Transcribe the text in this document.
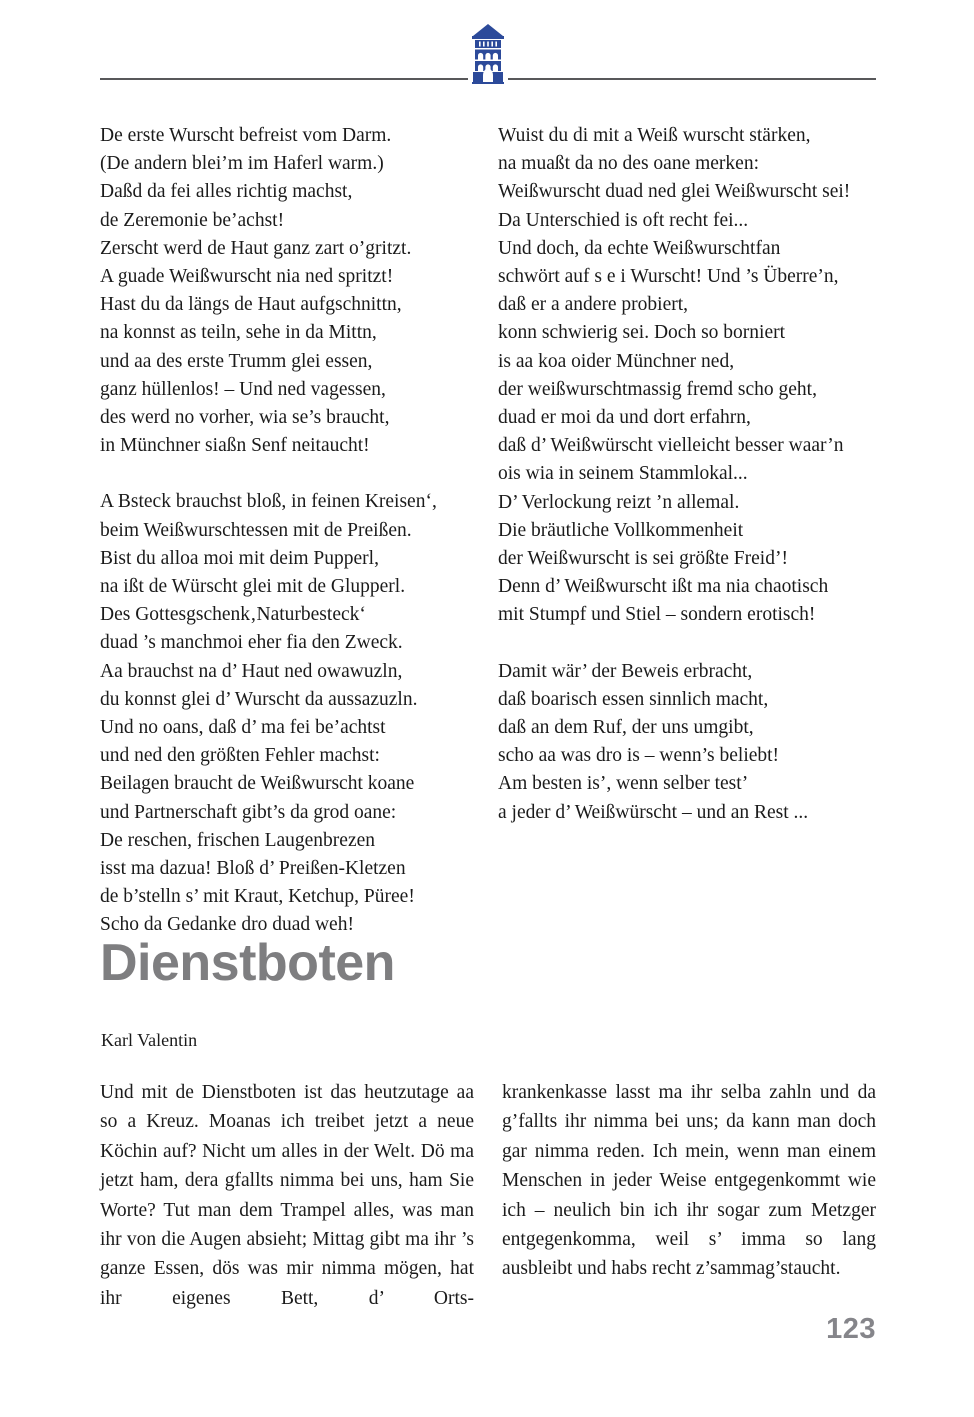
De erste Wurscht befreist vom Darm.
(De andern blei’m im Haferl warm.)
Daßd da fei alles richtig machst,
de Zeremonie be’achst!
Zerscht werd de Haut ganz zart o’gritzt.
A guade Weißwurscht nia ned spritzt!
Hast du da längs de Haut aufgschnittn,
na konnst as teiln, sehe in da Mittn,
und aa des erste Trumm glei essen,
ganz hüllenlos! – Und ned vagessen,
des werd no vorher, wia se’s braucht,
in Münchner siaßn Senf neitaucht!
A Bsteck brauchst bloß, in feinen Kreisen‘,
beim Weißwurschtessen mit de Preißen.
Bist du alloa moi mit deim Pupperl,
na ißt de Würscht glei mit de Glupperl.
Des Gottesgschenk‚Naturbesteck‘
duad ’s manchmoi eher fia den Zweck.
Aa brauchst na d’ Haut ned owawuzln,
du konnst glei d’ Wurscht da aussazuzln.
Und no oans, daß d’ ma fei be’achtst
und ned den größten Fehler machst:
Beilagen braucht de Weißwurscht koane
und Partnerschaft gibt’s da grod oane:
De reschen, frischen Laugenbrezen
isst ma dazua! Bloß d’ Preißen-Kletzen
de b’stelln s’ mit Kraut, Ketchup, Püree!
Scho da Gedanke dro duad weh!
Wuist du di mit a Weiß wurscht stärken,
na muaßt da no des oane merken:
Weißwurscht duad ned glei Weißwurscht sei!
Da Unterschied is oft recht fei...
Und doch, da echte Weißwurschtfan
schwört auf s e i Wurscht! Und ’s Überre’n,
daß er a andere probiert,
konn schwierig sei. Doch so borniert
is aa koa oider Münchner ned,
der weißwurschtmassig fremd scho geht,
duad er moi da und dort erfahrn,
daß d’ Weißwürscht vielleicht besser waar’n
ois wia in seinem Stammlokal...
D’ Verlockung reizt ’n allemal.
Die bräutliche Vollkommenheit
der Weißwurscht is sei größte Freid’!
Denn d’ Weißwurscht ißt ma nia chaotisch
mit Stumpf und Stiel – sondern erotisch!
Damit wär’ der Beweis erbracht,
daß boarisch essen sinnlich macht,
daß an dem Ruf, der uns umgibt,
scho aa was dro is – wenn’s beliebt!
Am besten is’, wenn selber test’
a jeder d’ Weißwürscht – und an Rest ...
Dienstboten
Karl Valentin

Und mit de Dienstboten ist das heutzutage aa so a Kreuz. Moanas ich treibet jetzt a neue Köchin auf? Nicht um alles in der Welt. Dö ma jetzt ham, dera gfallts nimma bei uns, ham Sie Worte? Tut man dem Trampel alles, was man ihr von die Augen absieht; Mittag gibt ma ihr ’s ganze Essen, dös was mir nimma mögen, hat ihr eigenes Bett, d’ Orts-

krankenkasse lasst ma ihr selba zahln und da g’fallts ihr nimma bei uns; da kann man doch gar nimma reden. Ich mein, wenn man einem Menschen in jeder Weise entgegenkommt wie ich – neulich bin ich ihr sogar zum Metzger entgegenkomma, weil s’ imma so lang ausbleibt und habs recht z’sammag’staucht.

123
